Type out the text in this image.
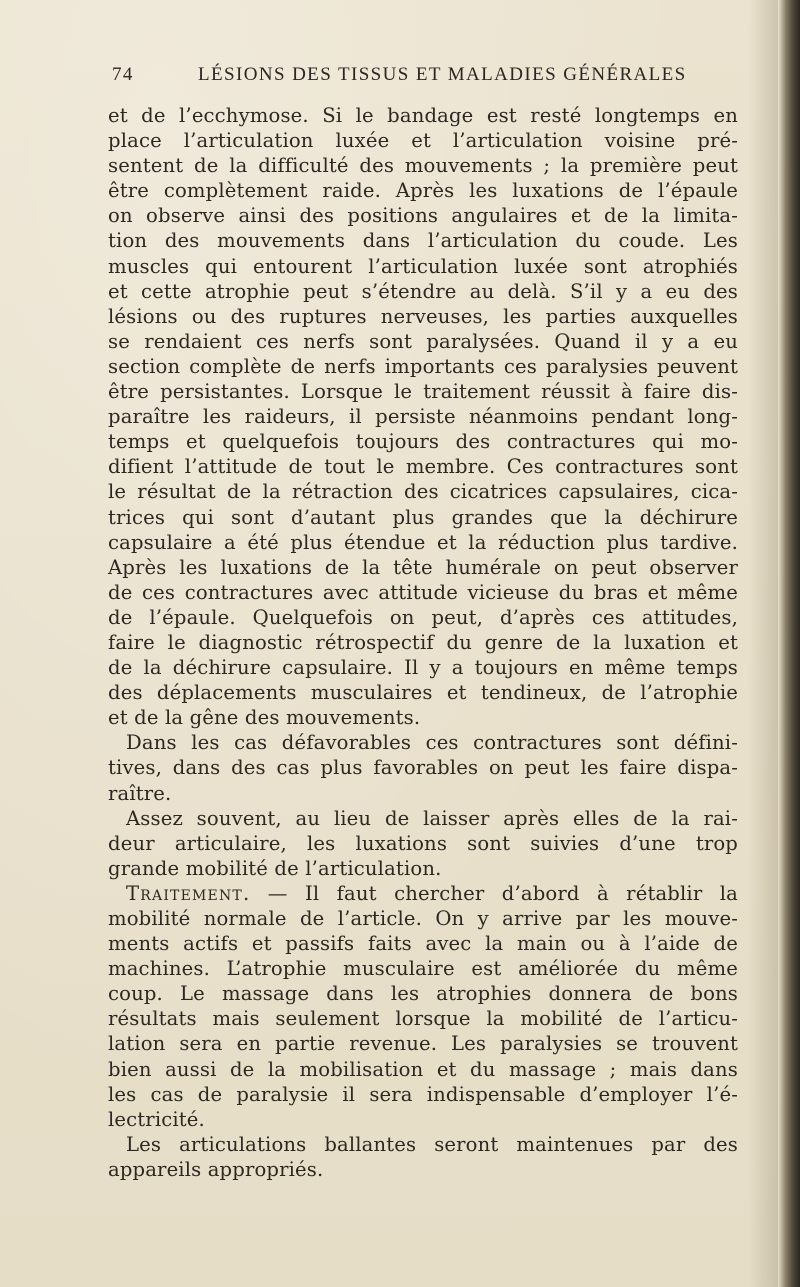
74	LÉSIONS DES TISSUS ET MALADIES GÉNÉRALES
et de l’ecchymose. Si le bandage est resté longtemps en
place l’articulation luxée et l’articulation voisine pré-
sentent de la difficulté des mouvements ; la première peut
être complètement raide. Après les luxations de l’épaule
on observe ainsi des positions angulaires et de la limita-
tion des mouvements dans l’articulation du coude. Les
muscles qui entourent l’articulation luxée sont atrophiés
et cette atrophie peut s’étendre au delà. S’il y a eu des
lésions ou des ruptures nerveuses, les parties auxquelles
se rendaient ces nerfs sont paralysées. Quand il y a eu
section complète de nerfs importants ces paralysies peuvent
être persistantes. Lorsque le traitement réussit à faire dis-
paraître les raideurs, il persiste néanmoins pendant long-
temps et quelquefois toujours des contractures qui mo-
difient l’attitude de tout le membre. Ces contractures sont
le résultat de la rétraction des cicatrices capsulaires, cica-
trices qui sont d’autant plus grandes que la déchirure
capsulaire a été plus étendue et la réduction plus tardive.
Après les luxations de la tête humérale on peut observer
de ces contractures avec attitude vicieuse du bras et même
de l’épaule. Quelquefois on peut, d’après ces attitudes,
faire le diagnostic rétrospectif du genre de la luxation et
de la déchirure capsulaire. Il y a toujours en même temps
des déplacements musculaires et tendineux, de l’atrophie
et de la gêne des mouvements.
Dans les cas défavorables ces contractures sont défini-
tives, dans des cas plus favorables on peut les faire dispa-
raître.
Assez souvent, au lieu de laisser après elles de la rai-
deur articulaire, les luxations sont suivies d’une trop
grande mobilité de l’articulation.
Traitement. — Il faut chercher d’abord à rétablir la
mobilité normale de l’article. On y arrive par les mouve-
ments actifs et passifs faits avec la main ou à l’aide de
machines. L’atrophie musculaire est améliorée du même
coup. Le massage dans les atrophies donnera de bons
résultats mais seulement lorsque la mobilité de l’articu-
lation sera en partie revenue. Les paralysies se trouvent
bien aussi de la mobilisation et du massage ; mais dans
les cas de paralysie il sera indispensable d’employer l’é-
lectricité.
Les articulations ballantes seront maintenues par des
appareils appropriés.
